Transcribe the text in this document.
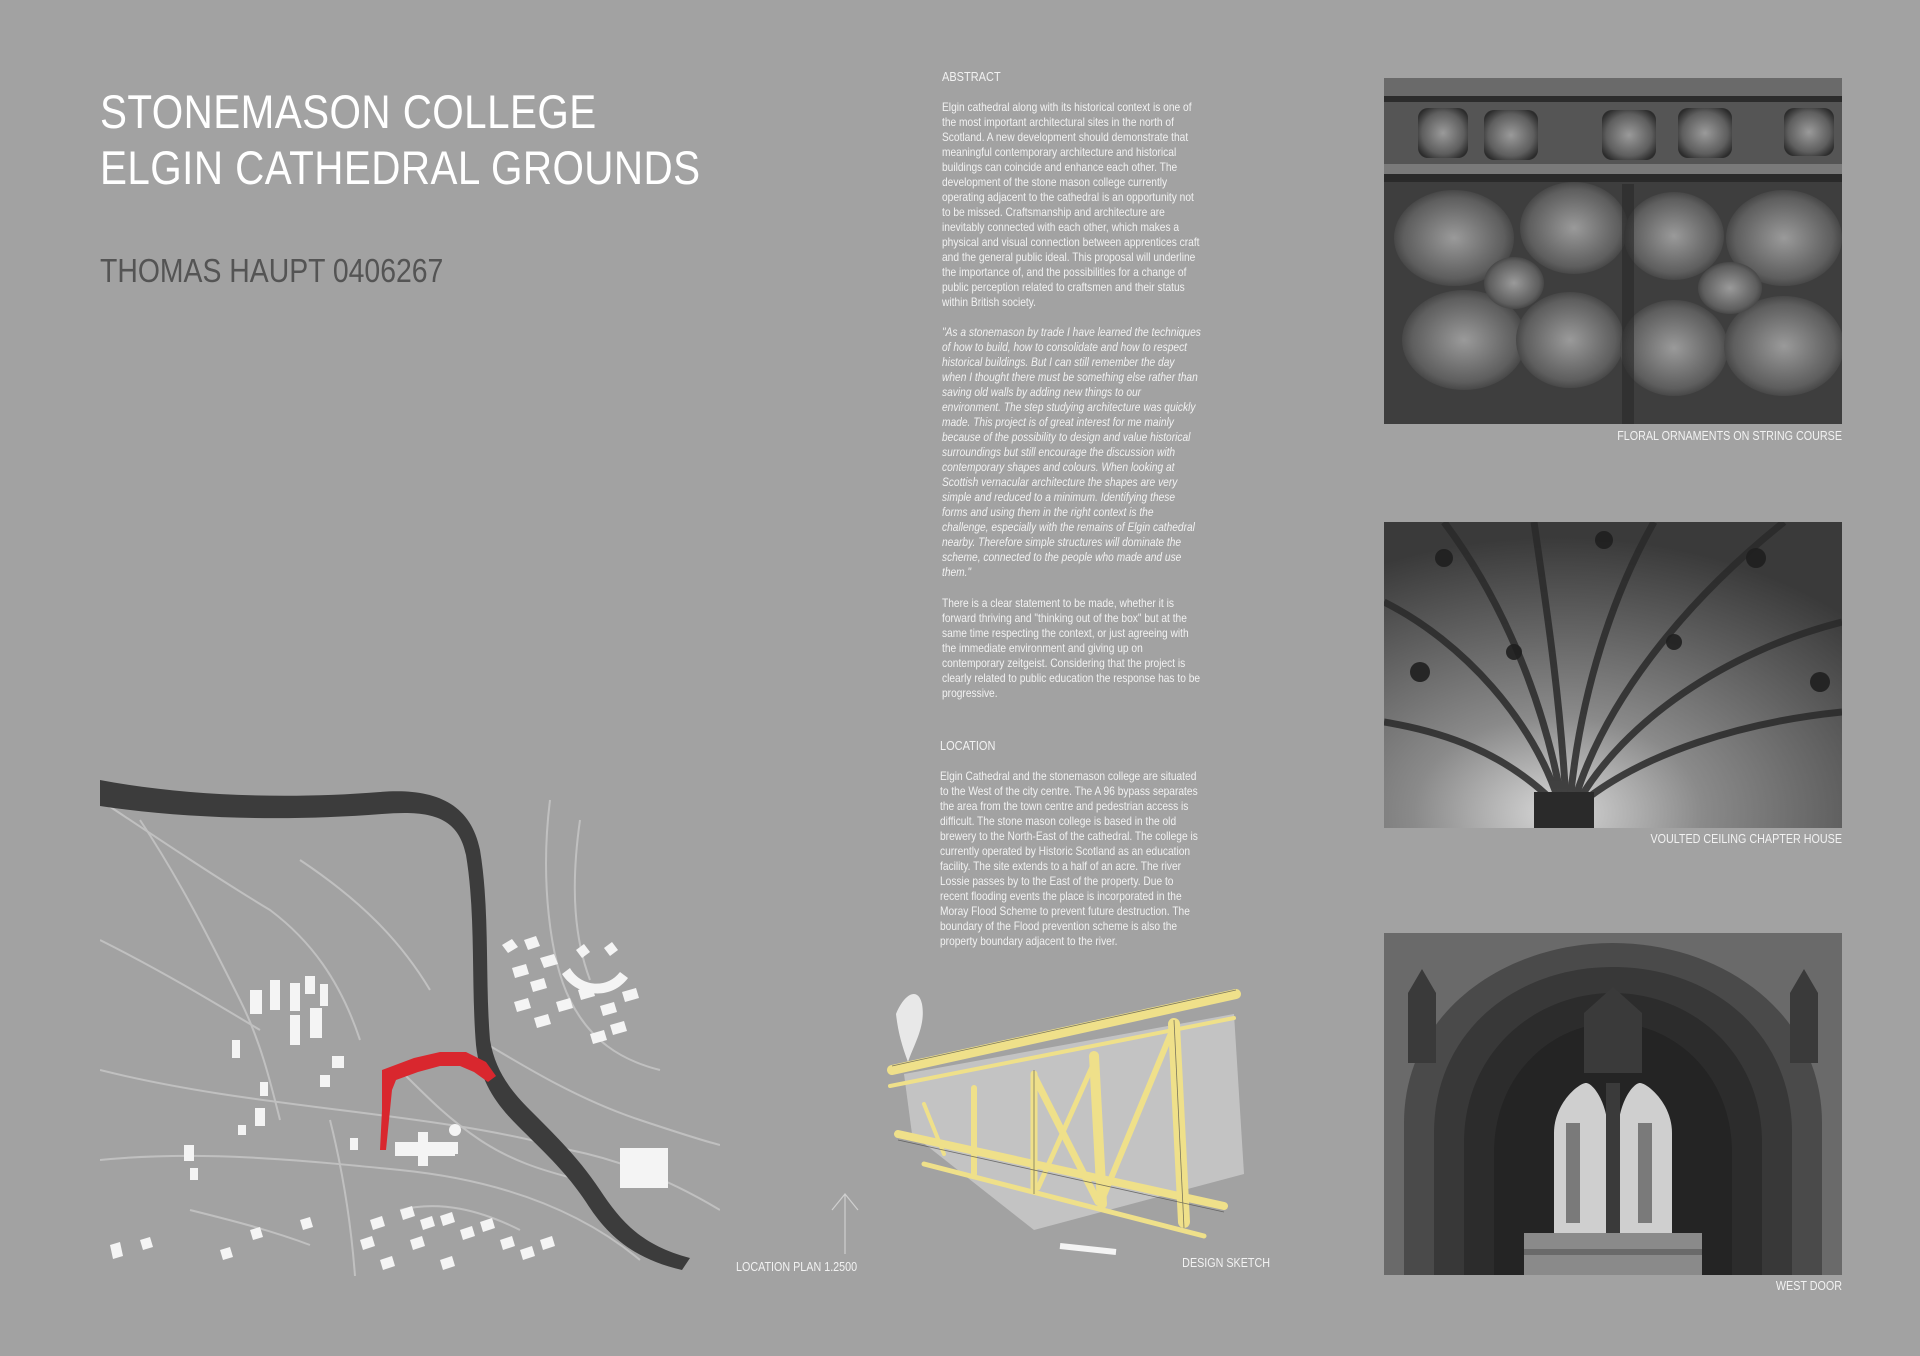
STONEMASON COLLEGE
ELGIN CATHEDRAL GROUNDS
THOMAS HAUPT 0406267
ABSTRACT
Elgin cathedral along with its historical context is one of
the most important architectural sites in the north of
Scotland. A new development should demonstrate that
meaningful contemporary architecture and historical
buildings can coincide and enhance each other. The
development of the stone mason college currently
operating adjacent to the cathedral is an opportunity not
to be missed. Craftsmanship and architecture are
inevitably connected with each other, which makes a
physical and visual connection between apprentices craft
and the general public ideal. This proposal will underline
the importance of, and the possibilities for a change of
public perception related to craftsmen and their status
within British society.
"As a stonemason by trade I have learned the techniques
of how to build, how to consolidate and how to respect
historical buildings. But I can still remember the day
when I thought there must be something else rather than
saving old walls by adding new things to our
environment. The step studying architecture was quickly
made. This project is of great interest for me mainly
because of the possibility to design and value historical
surroundings but still encourage the discussion with
contemporary shapes and colours. When looking at
Scottish vernacular architecture the shapes are very
simple and reduced to a minimum. Identifying these
forms and using them in the right context is the
challenge, especially with the remains of Elgin cathedral
nearby. Therefore simple structures will dominate the
scheme, connected to the people who made and use
them."
There is a clear statement to be made, whether it is
forward thriving and "thinking out of the box" but at the
same time respecting the context, or just agreeing with
the immediate environment and giving up on
contemporary zeitgeist. Considering that the project is
clearly related to public education the response has to be
progressive.
LOCATION
Elgin Cathedral and the stonemason college are situated
to the West of the city centre. The A 96 bypass separates
the area from the town centre and pedestrian access is
difficult. The stone mason college is based in the old
brewery to the North-East of the cathedral. The college is
currently operated by Historic Scotland as an education
facility. The site extends to a half of an acre. The river
Lossie passes by to the East of the property. Due to
recent flooding events the place is incorporated in the
Moray Flood Scheme to prevent future destruction. The
boundary of the Flood prevention scheme is also the
property boundary adjacent to the river.
LOCATION PLAN 1.2500	DESIGN SKETCH
FLORAL ORNAMENTS ON STRING COURSE
VOULTED CEILING CHAPTER HOUSE
WEST DOOR
